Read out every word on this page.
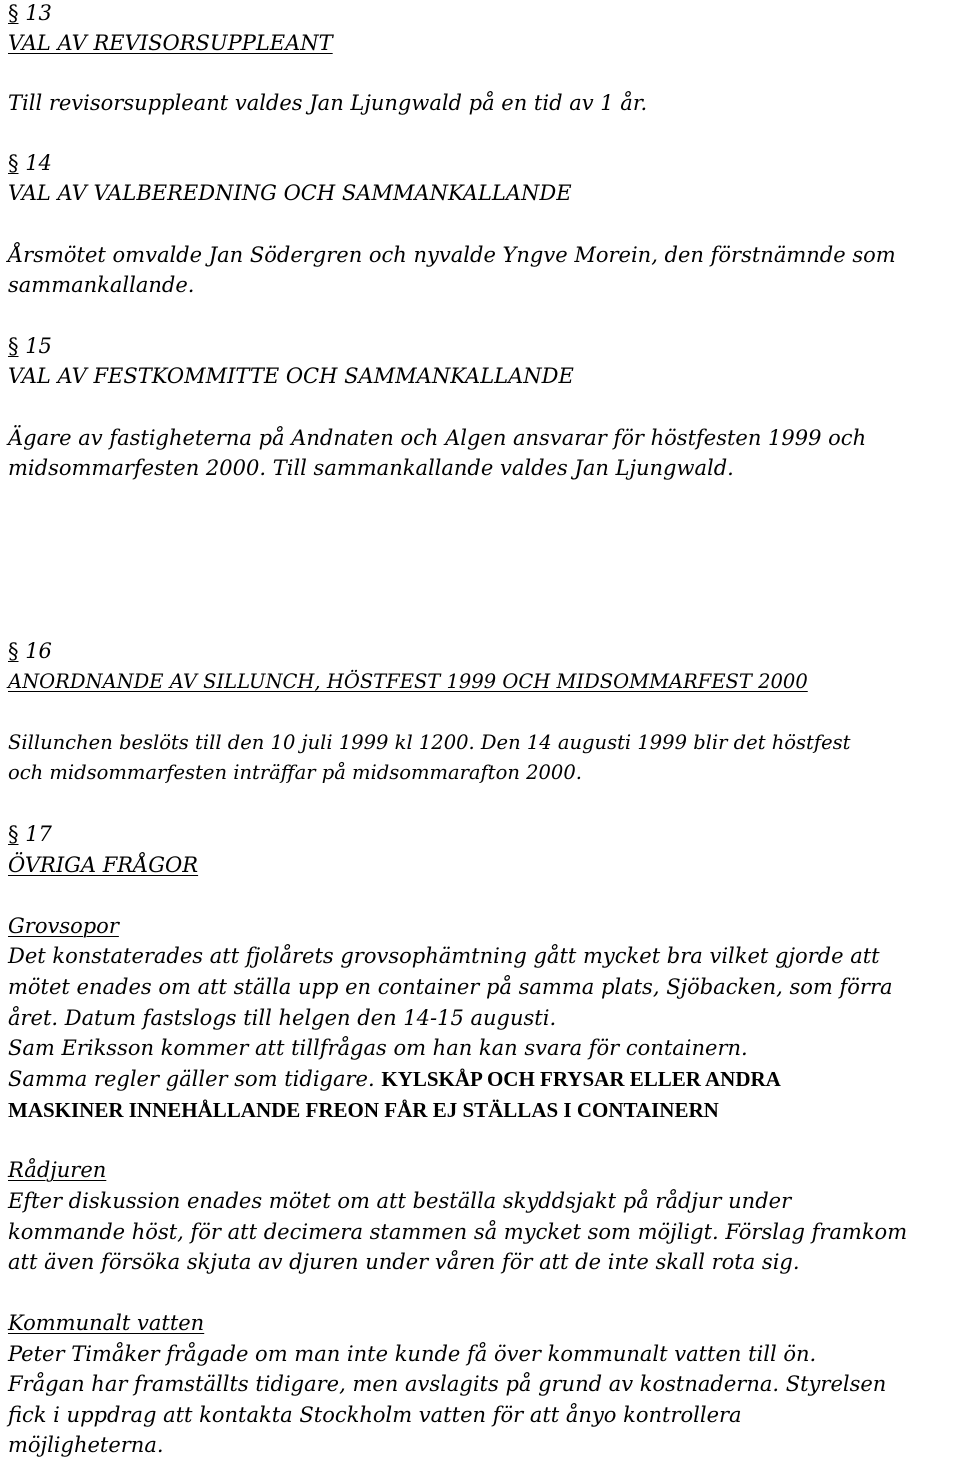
§ 13
VAL AV REVISORSUPPLEANT
Till revisorsuppleant valdes Jan Ljungwald på en tid av 1 år.
§ 14
VAL AV VALBEREDNING OCH SAMMANKALLANDE
Årsmötet omvalde Jan Södergren och nyvalde Yngve Morein, den förstnämnde som
sammankallande.
§ 15
VAL AV FESTKOMMITTE OCH SAMMANKALLANDE
Ägare av fastigheterna på Andnaten och Algen ansvarar för höstfesten 1999 och
midsommarfesten 2000. Till sammankallande valdes Jan Ljungwald.
§ 16
ANORDNANDE AV SILLUNCH, HÖSTFEST 1999 OCH MIDSOMMARFEST 2000
Sillunchen beslöts till den 10 juli 1999 kl 1200. Den 14 augusti 1999 blir det höstfest
och midsommarfesten inträffar på midsommarafton 2000.
§ 17
ÖVRIGA FRÅGOR
Grovsopor
Det konstaterades att fjolårets grovsophämtning gått mycket bra vilket gjorde att
mötet enades om att ställa upp en container på samma plats, Sjöbacken, som förra
året. Datum fastslogs till helgen den 14-15 augusti.
Sam Eriksson kommer att tillfrågas om han kan svara för containern.
Samma regler gäller som tidigare. KYLSKÅP OCH FRYSAR ELLER ANDRA
MASKINER INNEHÅLLANDE FREON FÅR EJ STÄLLAS I CONTAINERN
Rådjuren
Efter diskussion enades mötet om att beställa skyddsjakt på rådjur under
kommande höst, för att decimera stammen så mycket som möjligt. Förslag framkom
att även försöka skjuta av djuren under våren för att de inte skall rota sig.
Kommunalt vatten
Peter Timåker frågade om man inte kunde få över kommunalt vatten till ön.
Frågan har framställts tidigare, men avslagits på grund av kostnaderna. Styrelsen
fick i uppdrag att kontakta Stockholm vatten för att ånyo kontrollera
möjligheterna.
